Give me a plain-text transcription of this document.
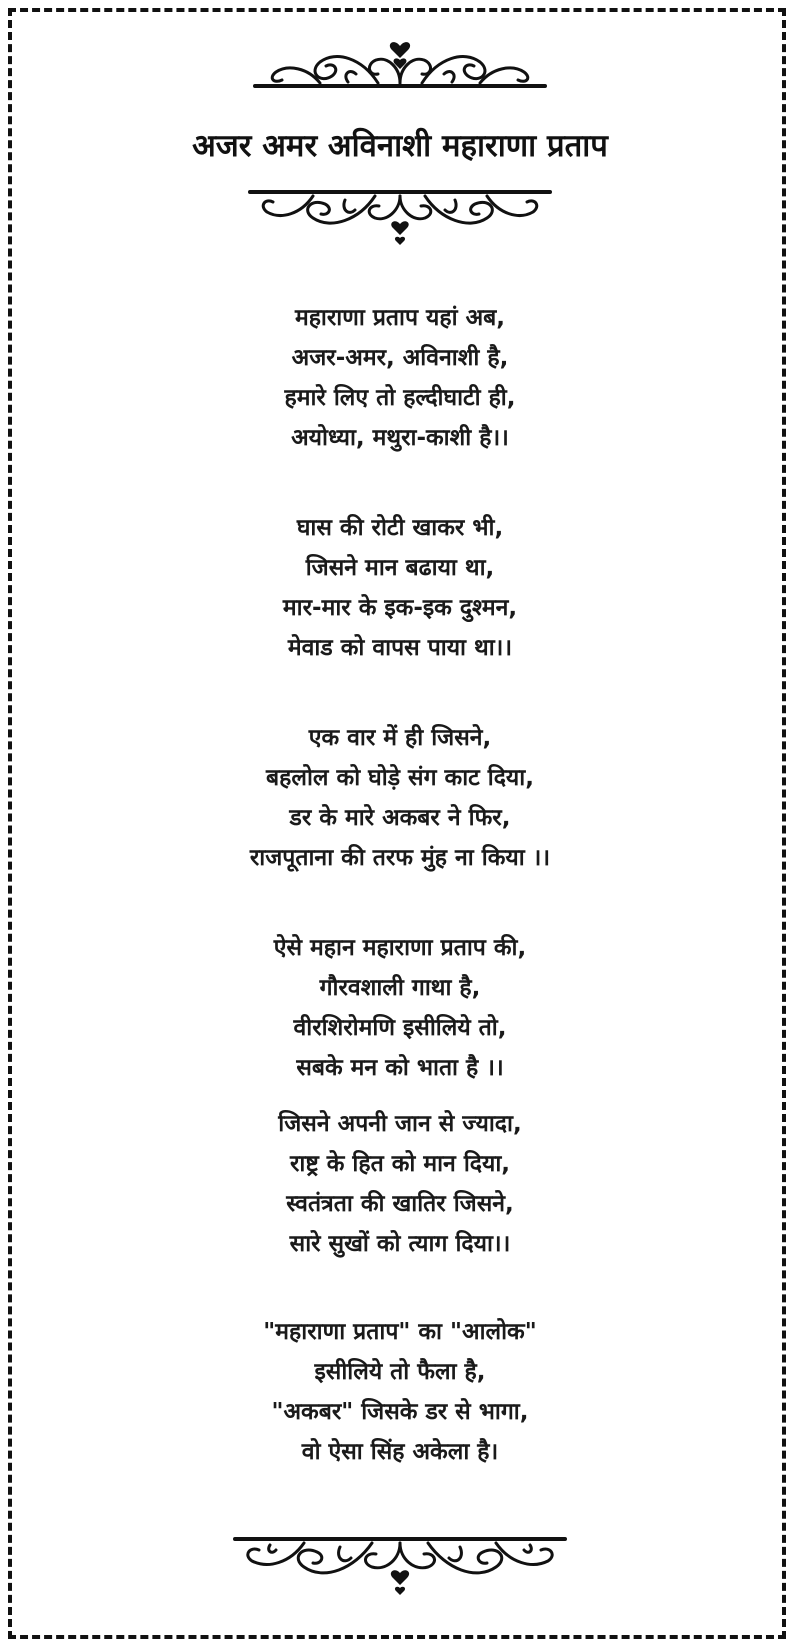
अजर अमर अविनाशी महाराणा प्रताप
महाराणा प्रताप यहां अब,
अजर-अमर, अविनाशी है,
हमारे लिए तो हल्दीघाटी ही,
अयोध्या, मथुरा-काशी है।।
घास की रोटी खाकर भी,
जिसने मान बढाया था,
मार-मार के इक-इक दुश्मन,
मेवाड को वापस पाया था।।
एक वार में ही जिसने,
बहलोल को घोड़े संग काट दिया,
डर के मारे अकबर ने फिर,
राजपूताना की तरफ मुंह ना किया ।।
ऐसे महान महाराणा प्रताप की,
गौरवशाली गाथा है,
वीरशिरोमणि इसीलिये तो,
सबके मन को भाता है ।।
जिसने अपनी जान से ज्यादा,
राष्ट्र के हित को मान दिया,
स्वतंत्रता की खातिर जिसने,
सारे सुखों को त्याग दिया।।
"महाराणा प्रताप" का "आलोक"
इसीलिये तो फैला है,
"अकबर" जिसके डर से भागा,
वो ऐसा सिंह अकेला है।
